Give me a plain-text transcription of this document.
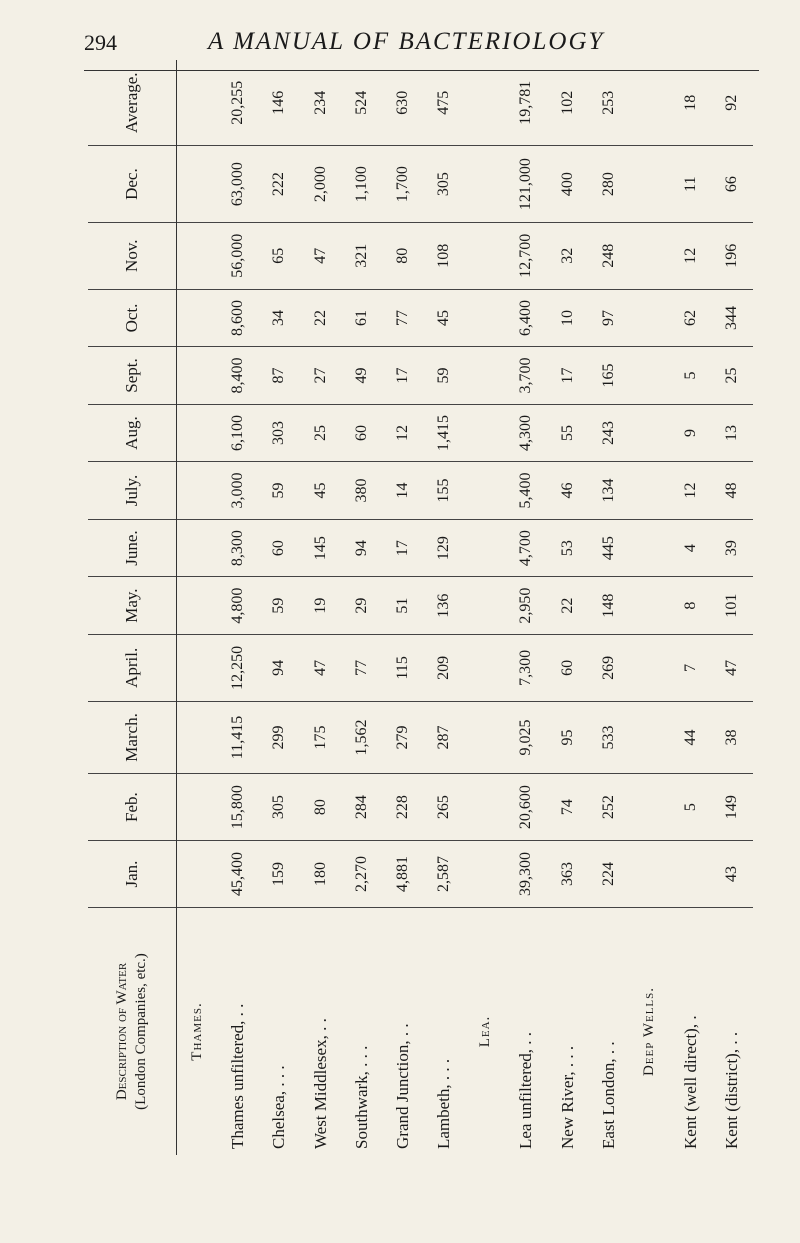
294	A MANUAL OF BACTERIOLOGY
Description of Water (London Companies, etc.)	Jan.	Feb.	March.	April.	May.	June.	July.	Aug.	Sept.	Oct.	Nov.	Dec.	Average.
Thames.													
Thames unfiltered, . .	45,400	15,800	11,415	12,250	4,800	8,300	3,000	6,100	8,400	8,600	56,000	63,000	20,255
Chelsea, . . .	159	305	299	94	59	60	59	303	87	34	65	222	146
West Middlesex, . .	180	80	175	47	19	145	45	25	27	22	47	2,000	234
Southwark, . . .	2,270	284	1,562	77	29	94	380	60	49	61	321	1,100	524
Grand Junction, . .	4,881	228	279	115	51	17	14	12	17	77	80	1,700	630
Lambeth, . . .	2,587	265	287	209	136	129	155	1,415	59	45	108	305	475
Lea.													
Lea unfiltered, . .	39,300	20,600	9,025	7,300	2,950	4,700	5,400	4,300	3,700	6,400	12,700	121,000	19,781
New River, . . .	363	74	95	60	22	53	46	55	17	10	32	400	102
East London, . .	224	252	533	269	148	445	134	243	165	97	248	280	253
Deep Wells.													
Kent (well direct), .		5	44	7	8	4	12	9	5	62	12	11	18
Kent (district), . .	43	149	38	47	101	39	48	13	25	344	196	66	92
